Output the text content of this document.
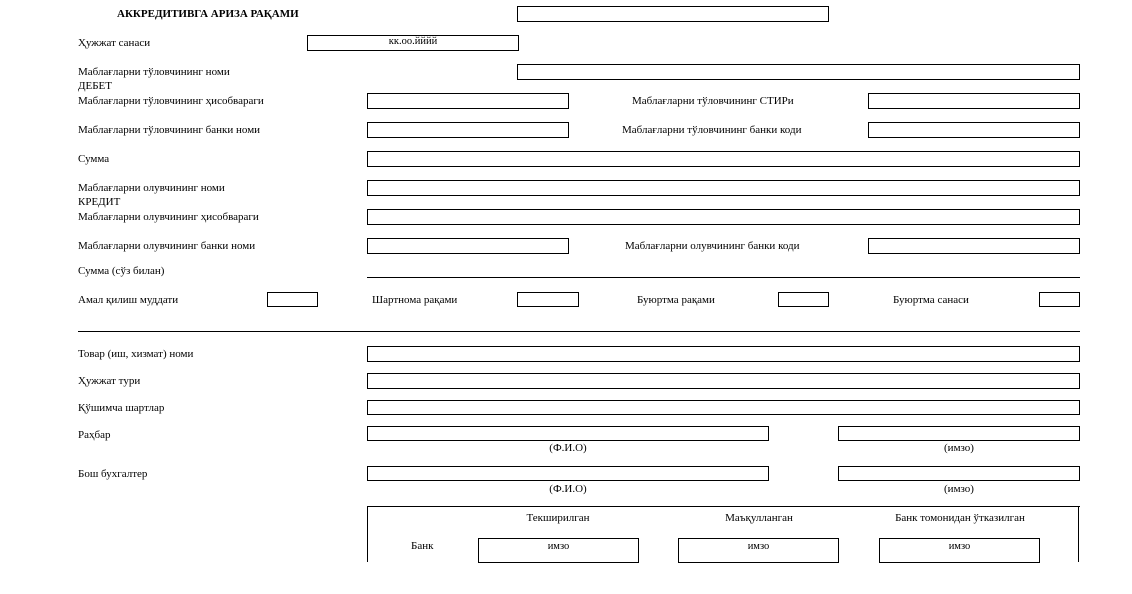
АККРЕДИТИВГА АРИЗА РАҚАМИ
Ҳужжат санаси	кк.оо.йййй
Маблағларни тўловчининг номи
ДЕБЕТ
Маблағларни тўловчининг ҳисобвараги	Маблағларни тўловчининг СТИРи
Маблағларни тўловчининг банки номи	Маблағларни тўловчининг банки коди
Сумма
Маблағларни олувчининг номи
КРЕДИТ
Маблағларни олувчининг ҳисобвараги
Маблағларни олувчининг банки номи	Маблағларни олувчининг банки коди
Сумма (сўз билан)
Амал қилиш муддати	Шартнома рақами	Буюртма рақами	Буюртма санаси
Товар (иш, хизмат) номи
Ҳужжат тури
Қўшимча шартлар
Раҳбар
(Ф.И.О)	(имзо)
Бош бухгалтер
(Ф.И.О)	(имзо)
Текширилган	Маъқулланган	Банк томонидан ўтказилган
Банк	имзо	имзо	имзо
